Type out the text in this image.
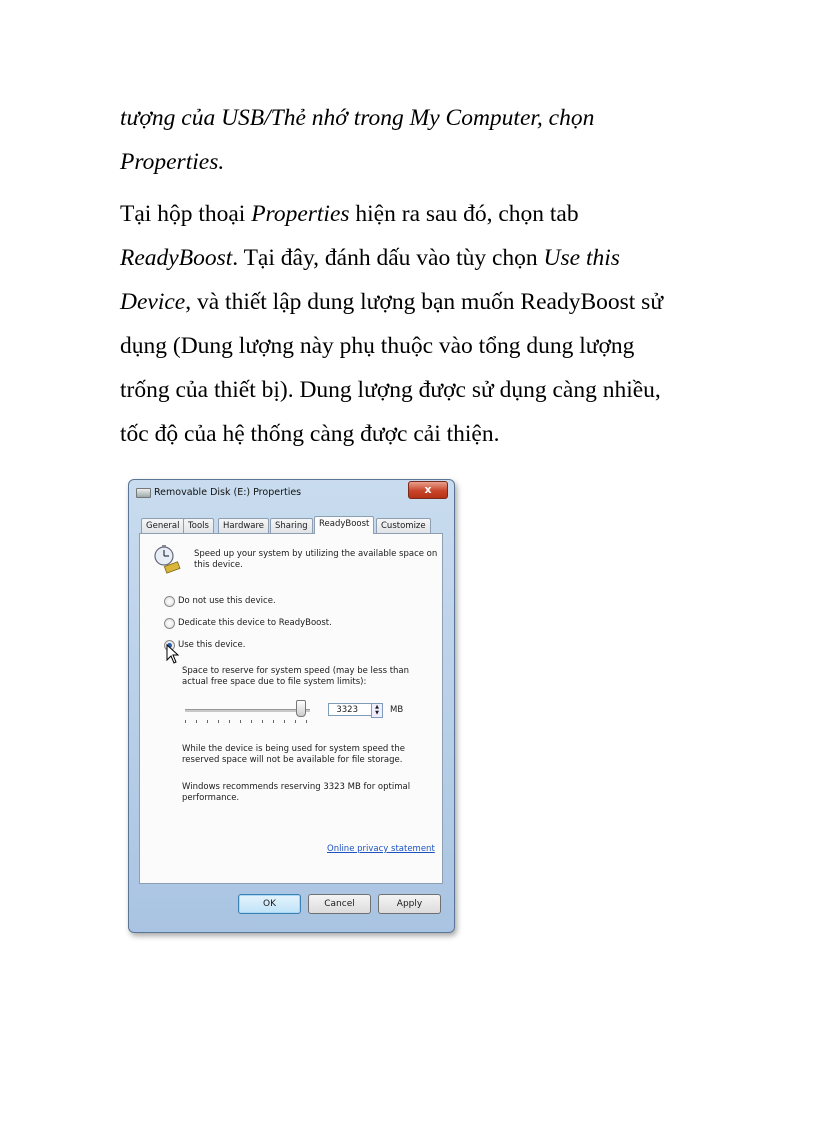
tượng của USB/Thẻ nhớ trong My Computer, chọn
Properties.

Tại hộp thoại Properties hiện ra sau đó, chọn tab
ReadyBoost. Tại đây, đánh dấu vào tùy chọn Use this
Device, và thiết lập dung lượng bạn muốn ReadyBoost sử
dụng (Dung lượng này phụ thuộc vào tổng dung lượng
trống của thiết bị). Dung lượng được sử dụng càng nhiều,
tốc độ của hệ thống càng được cải thiện.

Removable Disk (E:) Properties	x
General	Tools	Hardware	Sharing	ReadyBoost	Customize
Speed up your system by utilizing the available space on this device.
Do not use this device.
Dedicate this device to ReadyBoost.
Use this device.
Space to reserve for system speed (may be less than actual free space due to file system limits):
3323	▲
▼	MB
While the device is being used for system speed the reserved space will not be available for file storage.
Windows recommends reserving 3323 MB for optimal performance.
Online privacy statement
OK	Cancel	Apply
